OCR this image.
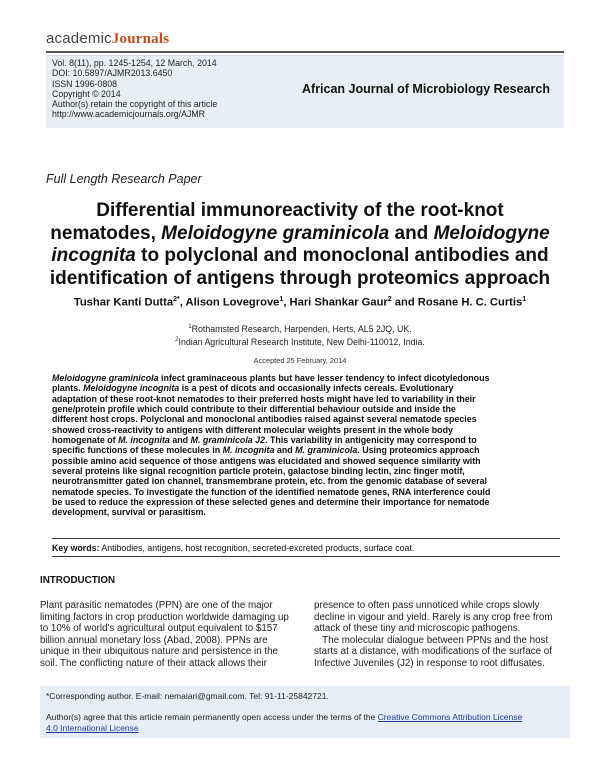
academicJournals
Vol. 8(11), pp. 1245-1254, 12 March, 2014
DOI: 10.5897/AJMR2013.6450
ISSN 1996-0808
Copyright © 2014
Author(s) retain the copyright of this article
http://www.academicjournals.org/AJMR
African Journal of Microbiology Research
Full Length Research Paper
Differential immunoreactivity of the root-knot
nematodes, Meloidogyne graminicola and Meloidogyne
incognita to polyclonal and monoclonal antibodies and
identification of antigens through proteomics approach
Tushar Kanti Dutta$^{2*}$, Alison Lovegrove$^1$, Hari Shankar Gaur$^2$ and Rosane H. C. Curtis$^1$
$^1$Rothamsted Research, Harpenden, Herts, AL5 2JQ, UK.
$^2$Indian Agricultural Research Institute, New Delhi-110012, India.
Accepted 25 February, 2014
Meloidogyne graminicola infect graminaceous plants but have lesser tendency to infect dicotyledonous
plants. Meloidogyne incognita is a pest of dicots and occasionally infects cereals. Evolutionary
adaptation of these root-knot nematodes to their preferred hosts might have led to variability in their
gene/protein profile which could contribute to their differential behaviour outside and inside the
different host crops. Polyclonal and monoclonal antibodies raised against several nematode species
showed cross-reactivity to antigens with different molecular weights present in the whole body
homogenate of M. incognita and M. graminicola J2. This variability in antigenicity may correspond to
specific functions of these molecules in M. incognita and M. graminicola. Using proteomics approach
possible amino acid sequence of those antigens was elucidated and showed sequence similarity with
several proteins like signal recognition particle protein, galactose binding lectin, zinc finger motif,
neurotransmitter gated ion channel, transmembrane protein, etc. from the genomic database of several
nematode species. To investigate the function of the identified nematode genes, RNA interference could
be used to reduce the expression of these selected genes and determine their importance for nematode
development, survival or parasitism.
Key words: Antibodies, antigens, host recognition, secreted-excreted products, surface coat.
INTRODUCTION
Plant parasitic nematodes (PPN) are one of the major
limiting factors in crop production worldwide damaging up
to 10% of world's agricultural output equivalent to $157
billion annual monetary loss (Abad, 2008). PPNs are
unique in their ubiquitous nature and persistence in the
soil. The conflicting nature of their attack allows their
presence to often pass unnoticed while crops slowly
decline in vigour and yield. Rarely is any crop free from
attack of these tiny and microscopic pathogens.
The molecular dialogue between PPNs and the host
starts at a distance, with modifications of the surface of
Infective Juveniles (J2) in response to root diffusates.
*Corresponding author. E-mail: nemaiari@gmail.com. Tel: 91-11-25842721.
Author(s) agree that this article remain permanently open access under the terms of the Creative Commons Attribution License
4.0 International License
